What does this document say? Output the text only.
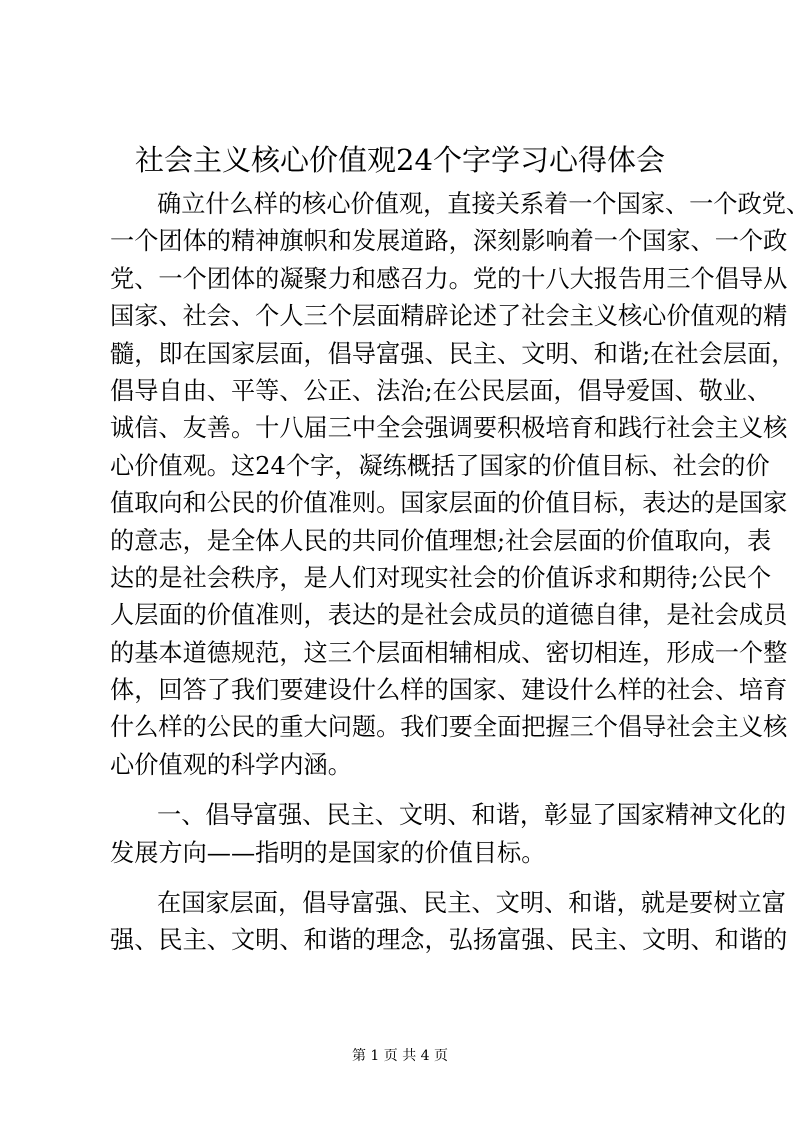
社会主义核心价值观24个字学习心得体会
确立什么样的核心价值观，直接关系着一个国家、一个政党、
一个团体的精神旗帜和发展道路，深刻影响着一个国家、一个政
党、一个团体的凝聚力和感召力。党的十八大报告用三个倡导从
国家、社会、个人三个层面精辟论述了社会主义核心价值观的精
髓，即在国家层面，倡导富强、民主、文明、和谐;在社会层面，
倡导自由、平等、公正、法治;在公民层面，倡导爱国、敬业、
诚信、友善。十八届三中全会强调要积极培育和践行社会主义核
心价值观。这24个字，凝练概括了国家的价值目标、社会的价
值取向和公民的价值准则。国家层面的价值目标，表达的是国家
的意志，是全体人民的共同价值理想;社会层面的价值取向，表
达的是社会秩序，是人们对现实社会的价值诉求和期待;公民个
人层面的价值准则，表达的是社会成员的道德自律，是社会成员
的基本道德规范，这三个层面相辅相成、密切相连，形成一个整
体，回答了我们要建设什么样的国家、建设什么样的社会、培育
什么样的公民的重大问题。我们要全面把握三个倡导社会主义核
心价值观的科学内涵。
一、倡导富强、民主、文明、和谐，彰显了国家精神文化的
发展方向——指明的是国家的价值目标。
在国家层面，倡导富强、民主、文明、和谐，就是要树立富
强、民主、文明、和谐的理念，弘扬富强、民主、文明、和谐的
第 1 页 共 4 页
